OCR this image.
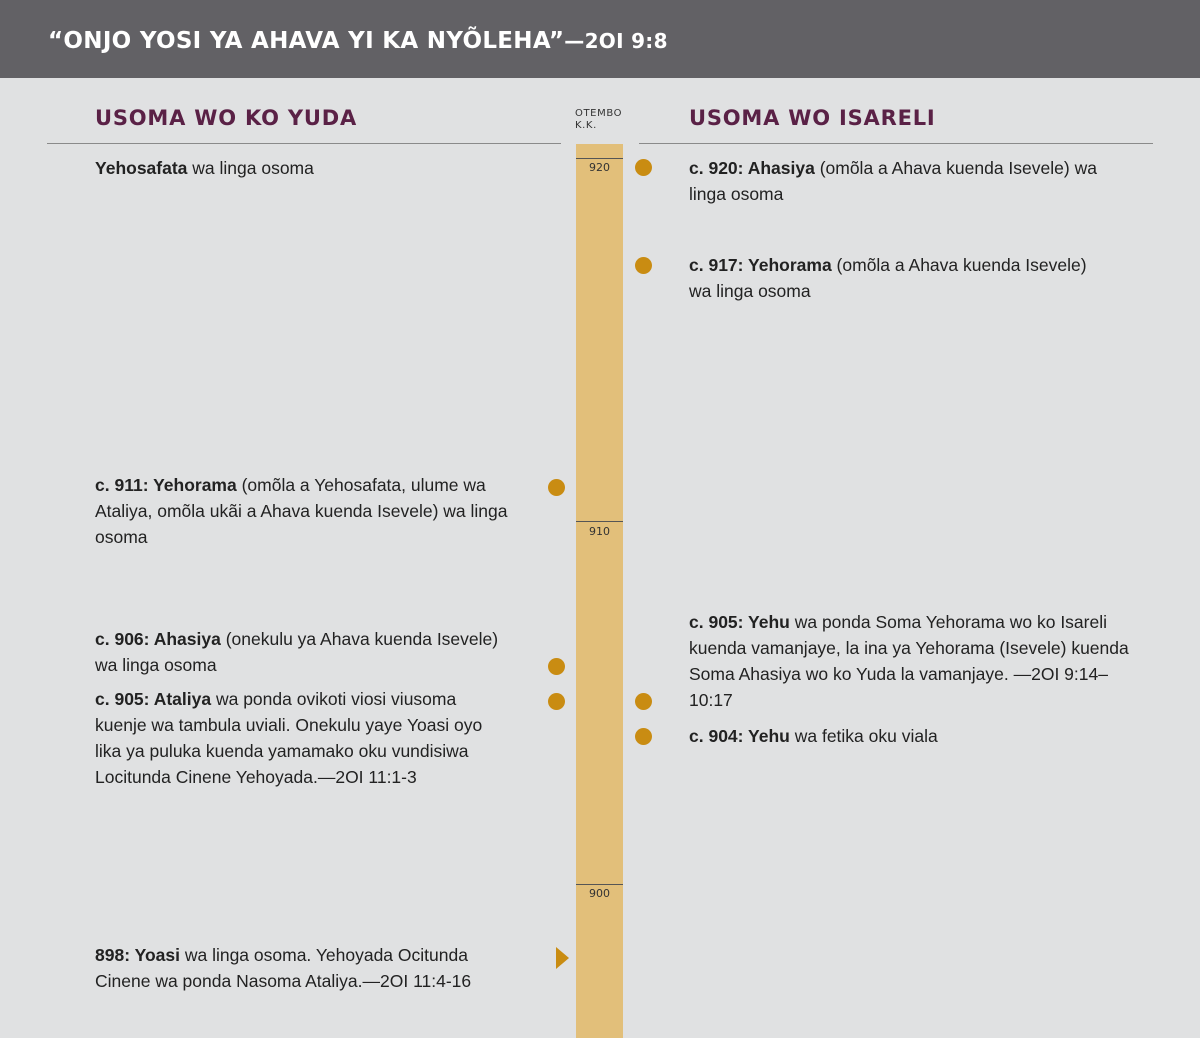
“ONJO YOSI YA AHAVA YI KA NYÕLEHA”—2OI 9:8
USOMA WO KO YUDA	USOMA WO ISARELI
OTEMBO
K.K.
920
910
900
Yehosafata wa linga osoma
c. 911: Yehorama (omõla a Yehosafata, ulume wa Ataliya, omõla ukãi a Ahava kuenda Isevele) wa linga osoma
c. 906: Ahasiya (onekulu ya Ahava kuenda Isevele) wa linga osoma
c. 905: Ataliya wa ponda ovikoti viosi viusoma kuenje wa tambula uviali. Onekulu yaye Yoasi oyo lika ya puluka kuenda yamamako oku vundisiwa Locitunda Cinene Yehoyada.—2OI 11:1-3
898: Yoasi wa linga osoma. Yehoyada Ocitunda Cinene wa ponda Nasoma Ataliya.—2OI 11:4-16
c. 920: Ahasiya (omõla a Ahava kuenda Isevele) wa linga osoma
c. 917: Yehorama (omõla a Ahava kuenda Isevele) wa linga osoma
c. 905: Yehu wa ponda Soma Yehorama wo ko Isareli kuenda vamanjaye, la ina ya Yehorama (Isevele) kuenda Soma Ahasiya wo ko Yuda la vamanjaye. —2OI 9:14–10:17
c. 904: Yehu wa fetika oku viala
